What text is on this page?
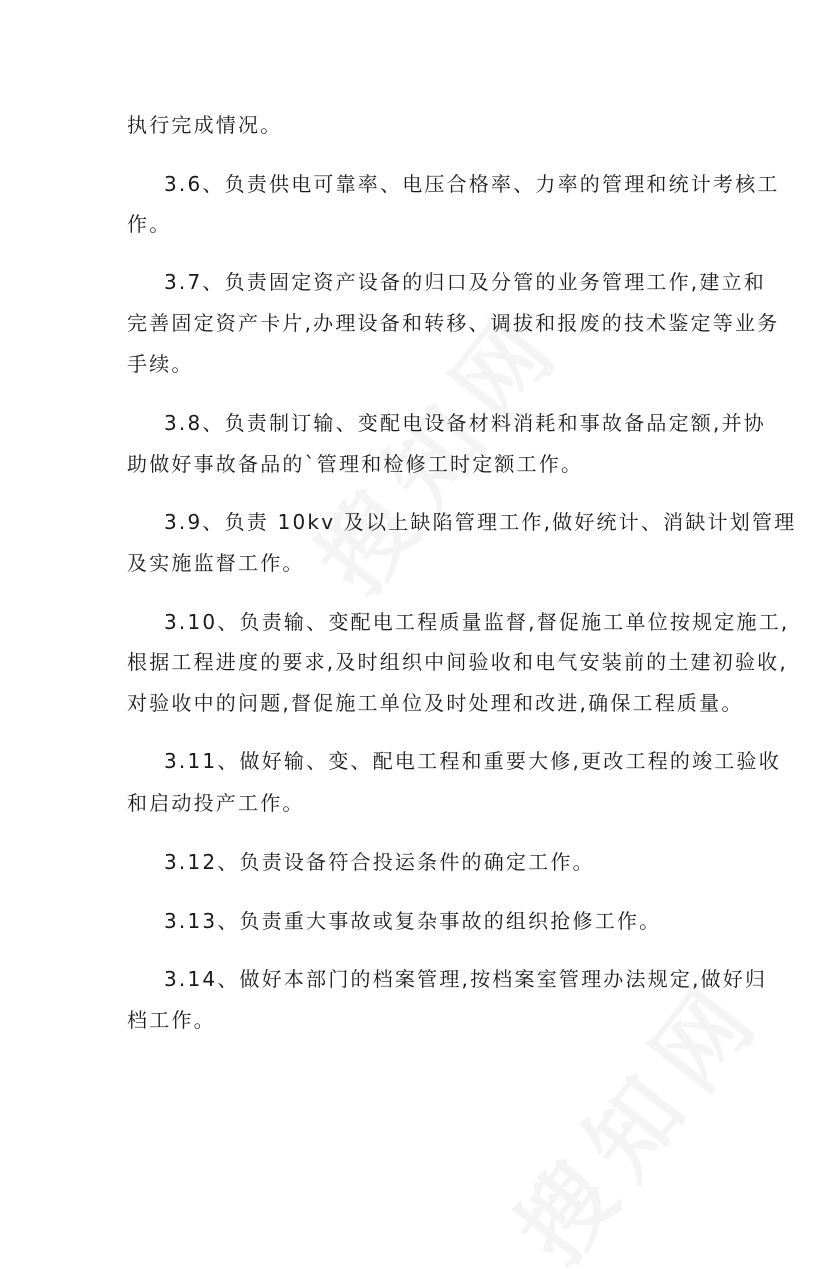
执行完成情况。
3.6、负责供电可靠率、电压合格率、力率的管理和统计考核工
作。
3.7、负责固定资产设备的归口及分管的业务管理工作,建立和
完善固定资产卡片,办理设备和转移、调拔和报废的技术鉴定等业务
手续。
3.8、负责制订输、变配电设备材料消耗和事故备品定额,并协
助做好事故备品的`管理和检修工时定额工作。
3.9、负责 10kv 及以上缺陷管理工作,做好统计、消缺计划管理
及实施监督工作。
3.10、负责输、变配电工程质量监督,督促施工单位按规定施工,
根据工程进度的要求,及时组织中间验收和电气安装前的土建初验收,
对验收中的问题,督促施工单位及时处理和改进,确保工程质量。
3.11、做好输、变、配电工程和重要大修,更改工程的竣工验收
和启动投产工作。
3.12、负责设备符合投运条件的确定工作。
3.13、负责重大事故或复杂事故的组织抢修工作。
3.14、做好本部门的档案管理,按档案室管理办法规定,做好归
档工作。
